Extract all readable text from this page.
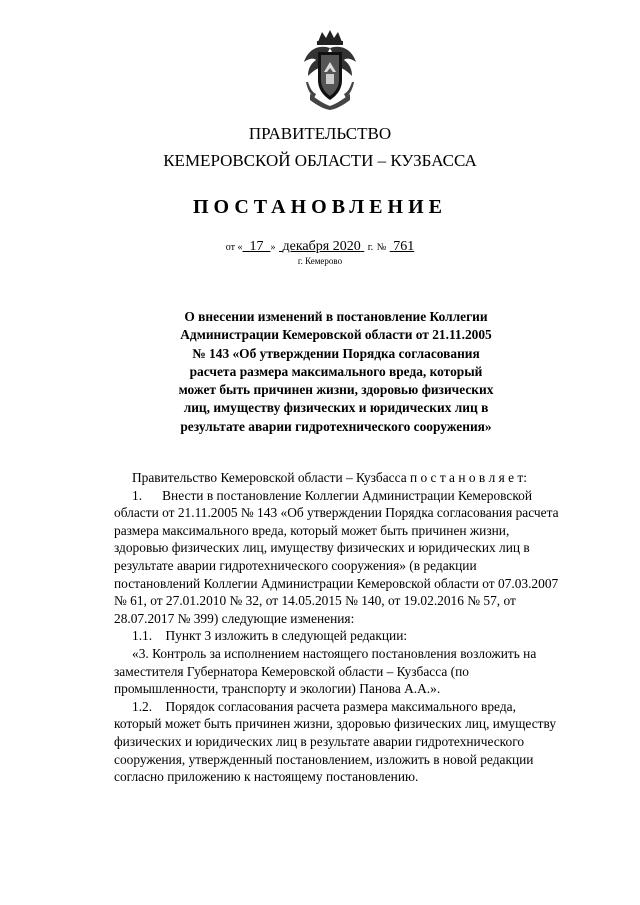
ПРАВИТЕЛЬСТВО
КЕМЕРОВСКОЙ ОБЛАСТИ – КУЗБАССА
ПОСТАНОВЛЕНИЕ
от « 17 » декабря 2020 г. № 761
г. Кемерово
О внесении изменений в постановление Коллегии
Администрации Кемеровской области от 21.11.2005
№ 143 «Об утверждении Порядка согласования
расчета размера максимального вреда, который
может быть причинен жизни, здоровью физических
лиц, имуществу физических и юридических лиц в
результате аварии гидротехнического сооружения»
Правительство Кемеровской области – Кузбасса п о с т а н о в л я е т:
1.      Внести в постановление Коллегии Администрации Кемеровской
области от 21.11.2005 № 143 «Об утверждении Порядка согласования расчета
размера максимального вреда, который может быть причинен жизни,
здоровью физических лиц, имуществу физических и юридических лиц в
результате аварии гидротехнического сооружения» (в редакции
постановлений Коллегии Администрации Кемеровской области от 07.03.2007
№ 61, от 27.01.2010 № 32, от 14.05.2015 № 140, от 19.02.2016 № 57, от
28.07.2017 № 399) следующие изменения:
1.1.    Пункт 3 изложить в следующей редакции:
«3. Контроль за исполнением настоящего постановления возложить на
заместителя Губернатора Кемеровской области – Кузбасса (по
промышленности, транспорту и экологии) Панова А.А.».
1.2.    Порядок согласования расчета размера максимального вреда,
который может быть причинен жизни, здоровью физических лиц, имуществу
физических и юридических лиц в результате аварии гидротехнического
сооружения, утвержденный постановлением, изложить в новой редакции
согласно приложению к настоящему постановлению.
